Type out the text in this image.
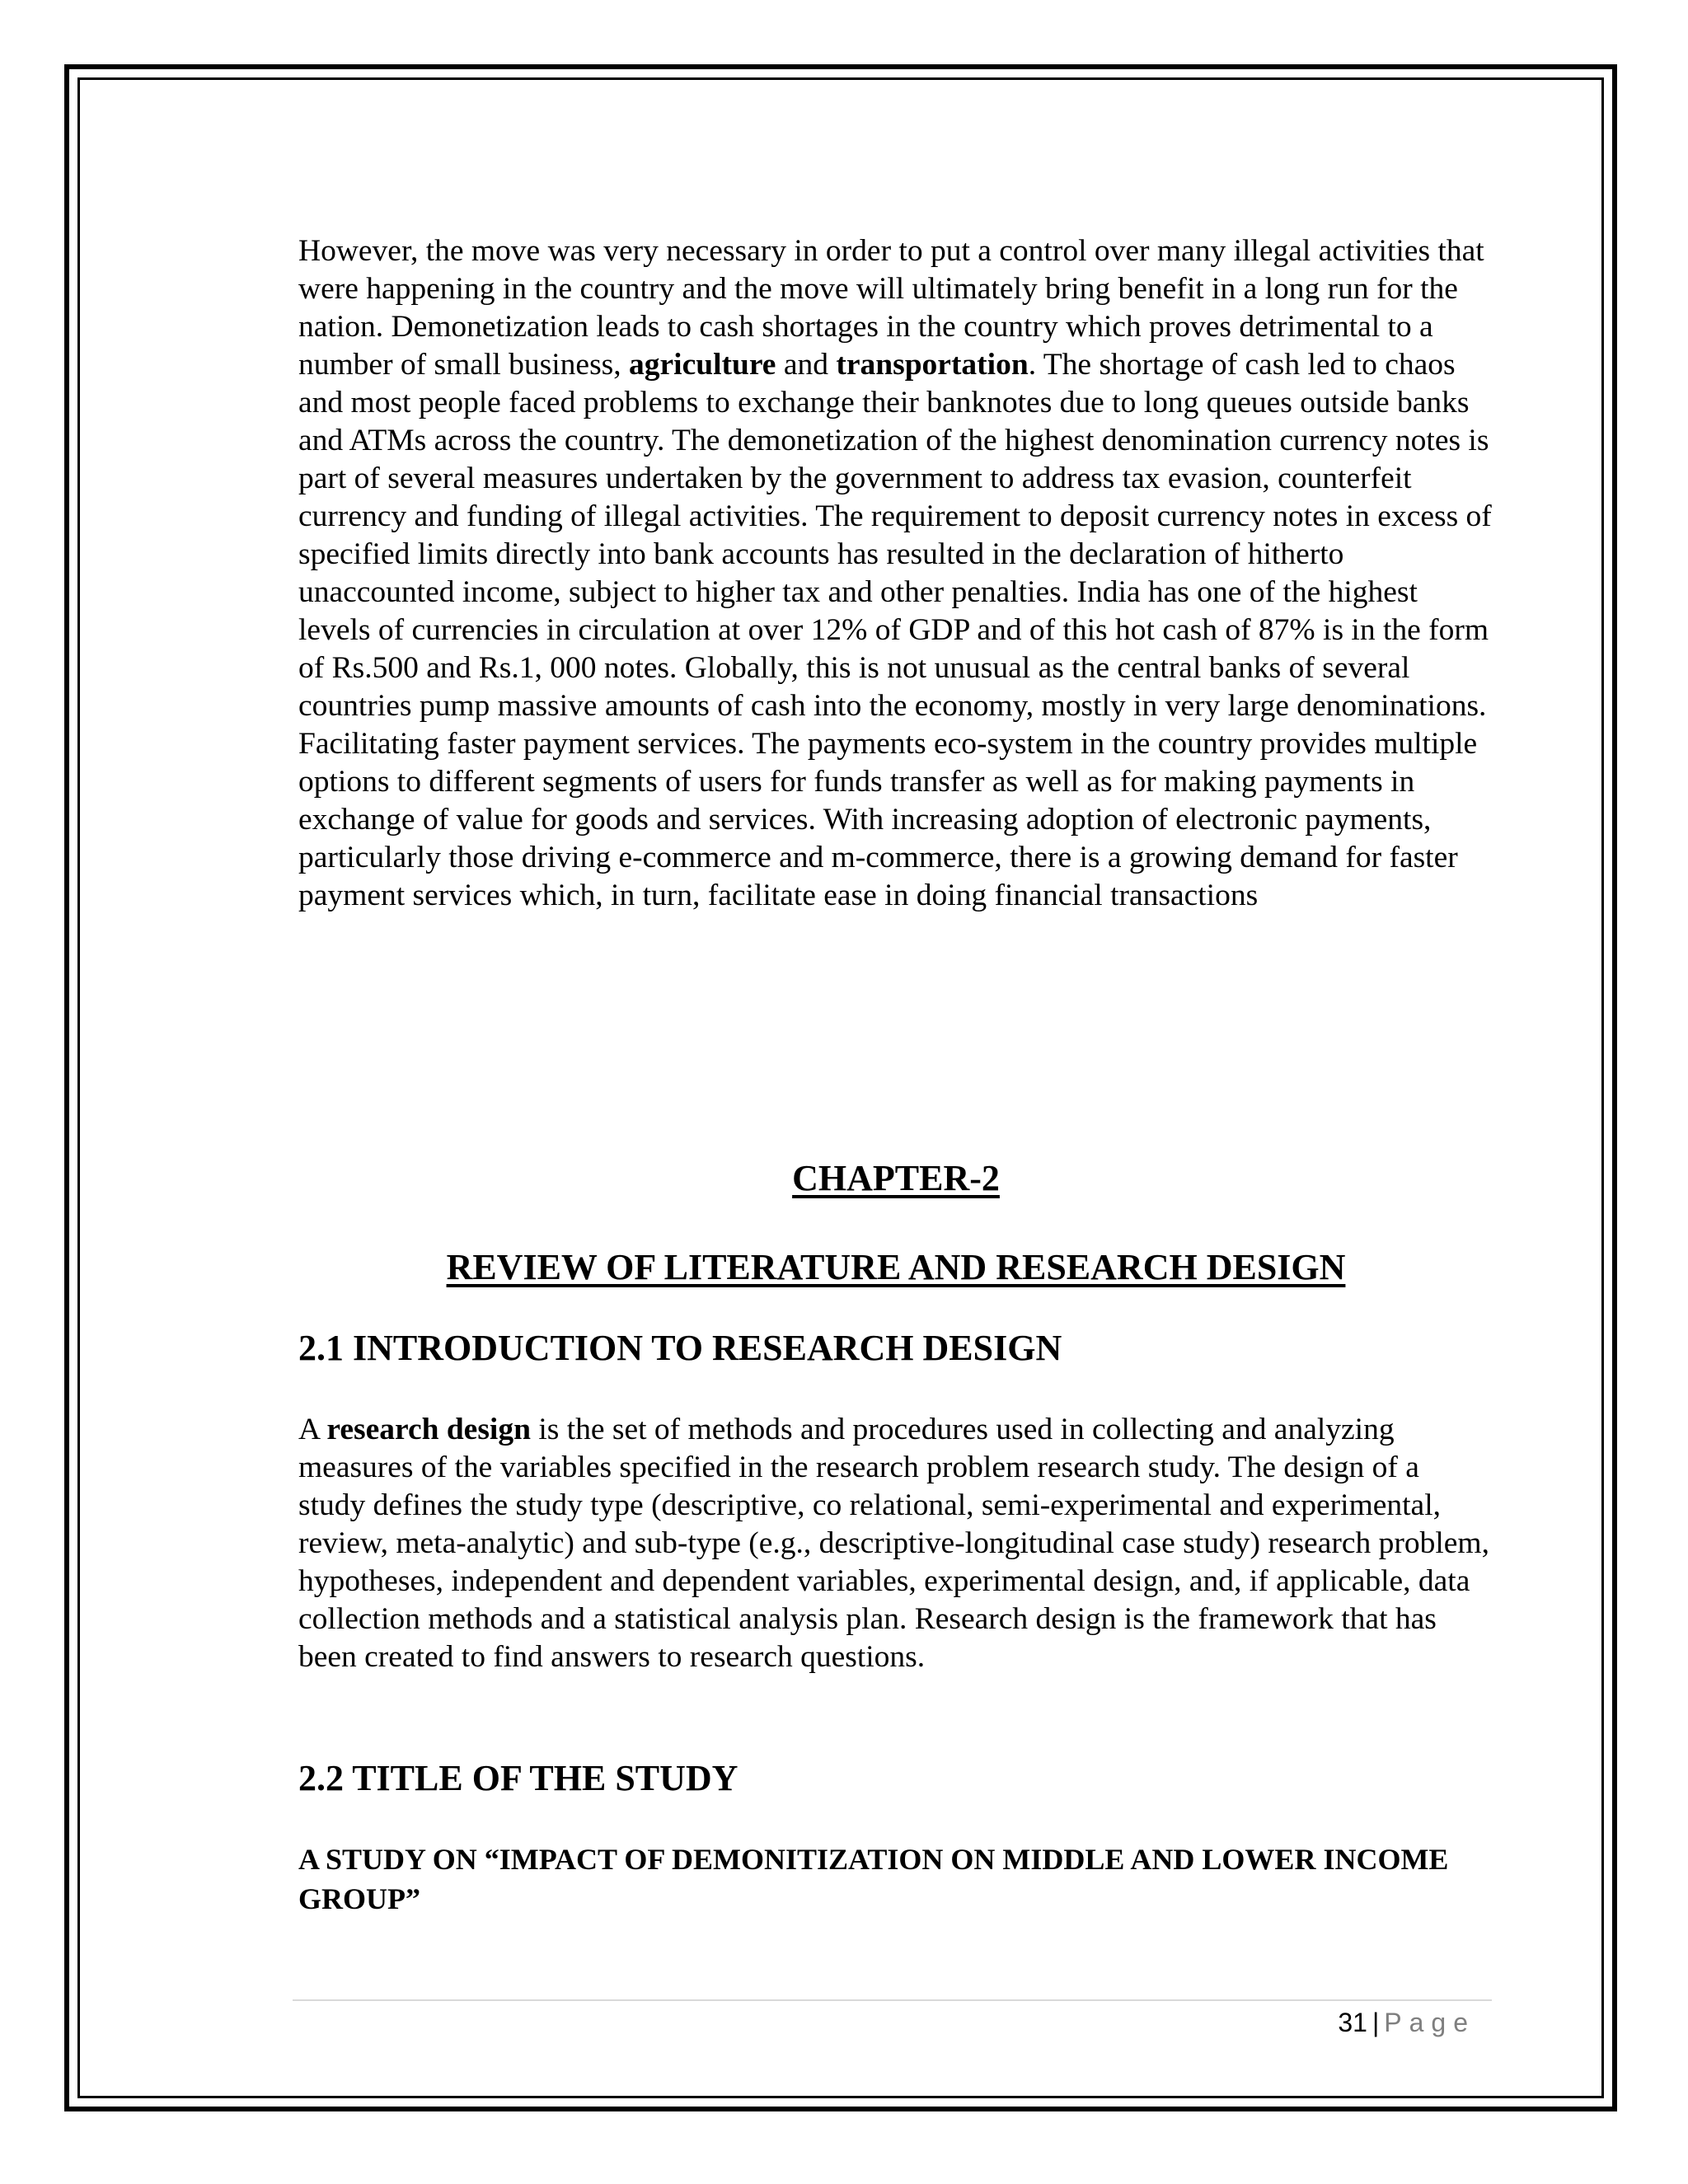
However, the move was very necessary in order to put a control over many illegal activities that were happening in the country and the move will ultimately bring benefit in a long run for the nation. Demonetization leads to cash shortages in the country which proves detrimental to a number of small business, agriculture and transportation. The shortage of cash led to chaos and most people faced problems to exchange their banknotes due to long queues outside banks and ATMs across the country. The demonetization of the highest denomination currency notes is part of several measures undertaken by the government to address tax evasion, counterfeit currency and funding of illegal activities. The requirement to deposit currency notes in excess of specified limits directly into bank accounts has resulted in the declaration of hitherto unaccounted income, subject to higher tax and other penalties. India has one of the highest levels of currencies in circulation at over 12% of GDP and of this hot cash of 87% is in the form of Rs.500 and Rs.1, 000 notes. Globally, this is not unusual as the central banks of several countries pump massive amounts of cash into the economy, mostly in very large denominations. Facilitating faster payment services. The payments eco-system in the country provides multiple options to different segments of users for funds transfer as well as for making payments in exchange of value for goods and services. With increasing adoption of electronic payments, particularly those driving e-commerce and m-commerce, there is a growing demand for faster payment services which, in turn, facilitate ease in doing financial transactions

CHAPTER-2
REVIEW OF LITERATURE AND RESEARCH DESIGN
2.1 INTRODUCTION TO RESEARCH DESIGN

A research design is the set of methods and procedures used in collecting and analyzing measures of the variables specified in the research problem research study. The design of a study defines the study type (descriptive, co relational, semi-experimental and experimental, review, meta-analytic) and sub-type (e.g., descriptive-longitudinal case study) research problem, hypotheses, independent and dependent variables, experimental design, and, if applicable, data collection methods and a statistical analysis plan. Research design is the framework that has been created to find answers to research questions.

2.2 TITLE OF THE STUDY

A STUDY ON “IMPACT OF DEMONITIZATION ON MIDDLE AND LOWER INCOME GROUP”

31 | Page
